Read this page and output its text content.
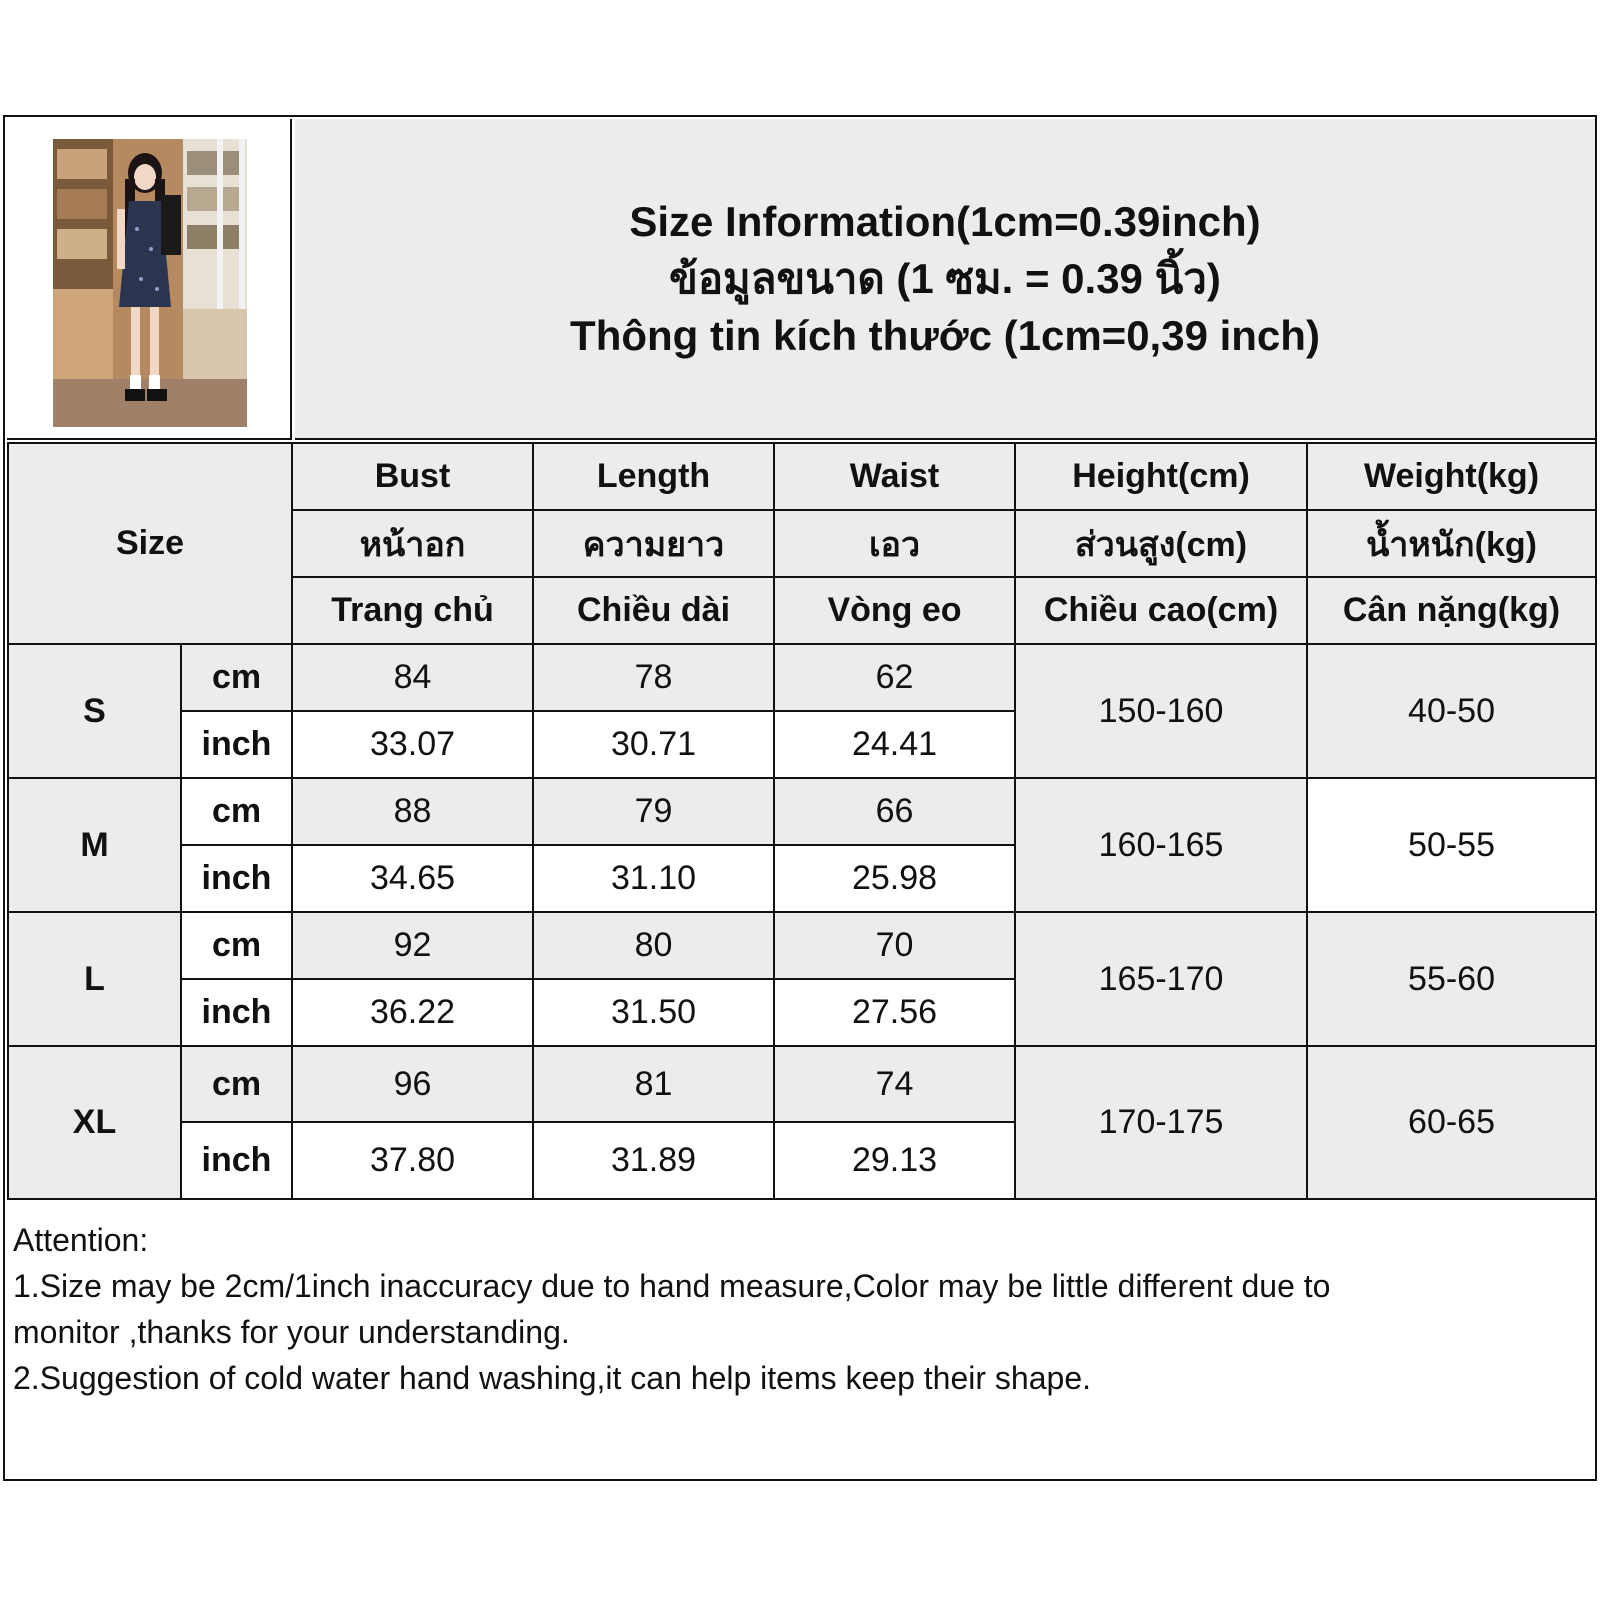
Size Information(1cm=0.39inch)
ข้อมูลขนาด (1 ซม. = 0.39 นิ้ว)
Thông tin kích thước (1cm=0,39 inch)
Size		Bust	Length	Waist	Height(cm)	Weight(kg)
		หน้าอก	ความยาว	เอว	ส่วนสูง(cm)	น้ำหนัก(kg)
		Trang chủ	Chiều dài	Vòng eo	Chiều cao(cm)	Cân nặng(kg)
S	cm	84	78	62	150-160	40-50
	inch	33.07	30.71	24.41		
M	cm	88	79	66	160-165	50-55
	inch	34.65	31.10	25.98		
L	cm	92	80	70	165-170	55-60
	inch	36.22	31.50	27.56		
XL	cm	96	81	74	170-175	60-65
	inch	37.80	31.89	29.13		
Attention:
1.Size may be 2cm/1inch inaccuracy due to hand measure,Color may be little different due to
monitor ,thanks for your understanding.
2.Suggestion of cold water hand washing,it can help items keep their shape.
